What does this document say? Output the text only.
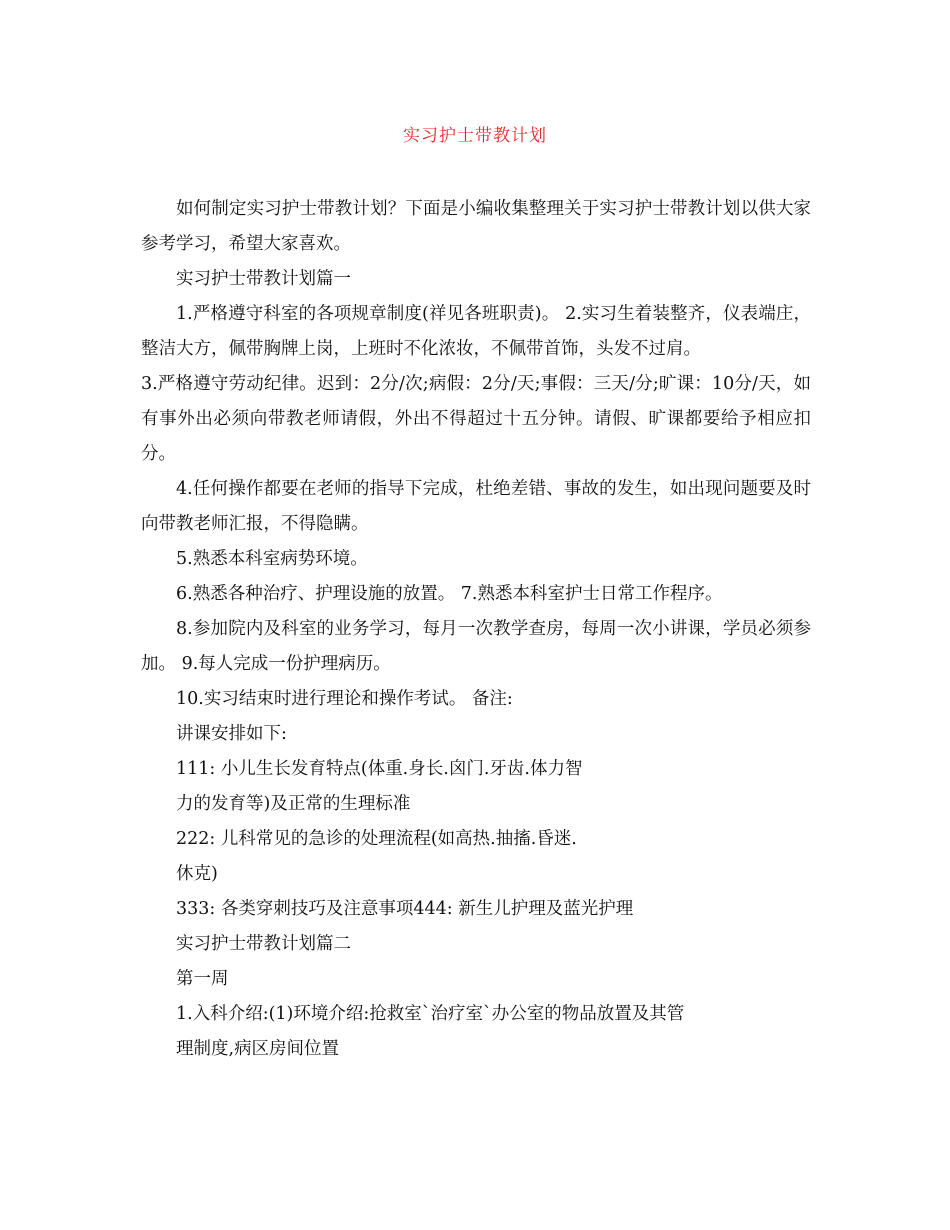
实习护士带教计划

如何制定实习护士带教计划？下面是小编收集整理关于实习护士带教计划以供大家参考学习，希望大家喜欢。

实习护士带教计划篇一

1.严格遵守科室的各项规章制度(祥见各班职责)。 2.实习生着装整齐，仪表端庄，整洁大方，佩带胸牌上岗，上班时不化浓妆，不佩带首饰，头发不过肩。

3.严格遵守劳动纪律。迟到：2分/次;病假：2分/天;事假：三天/分;旷课：10分/天，如有事外出必须向带教老师请假，外出不得超过十五分钟。请假、旷课都要给予相应扣分。

4.任何操作都要在老师的指导下完成，杜绝差错、事故的发生，如出现问题要及时向带教老师汇报，不得隐瞒。

5.熟悉本科室病势环境。

6.熟悉各种治疗、护理设施的放置。 7.熟悉本科室护士日常工作程序。

8.参加院内及科室的业务学习，每月一次教学查房，每周一次小讲课，学员必须参加。 9.每人完成一份护理病历。

10.实习结束时进行理论和操作考试。 备注:

讲课安排如下:

111: 小儿生长发育特点(体重.身长.囟门.牙齿.体力智

力的发育等)及正常的生理标准

222: 儿科常见的急诊的处理流程(如高热.抽搐.昏迷.

休克)

333: 各类穿刺技巧及注意事项444: 新生儿护理及蓝光护理

实习护士带教计划篇二

第一周

1.入科介绍:(1)环境介绍:抢救室`治疗室`办公室的物品放置及其管

理制度,病区房间位置
